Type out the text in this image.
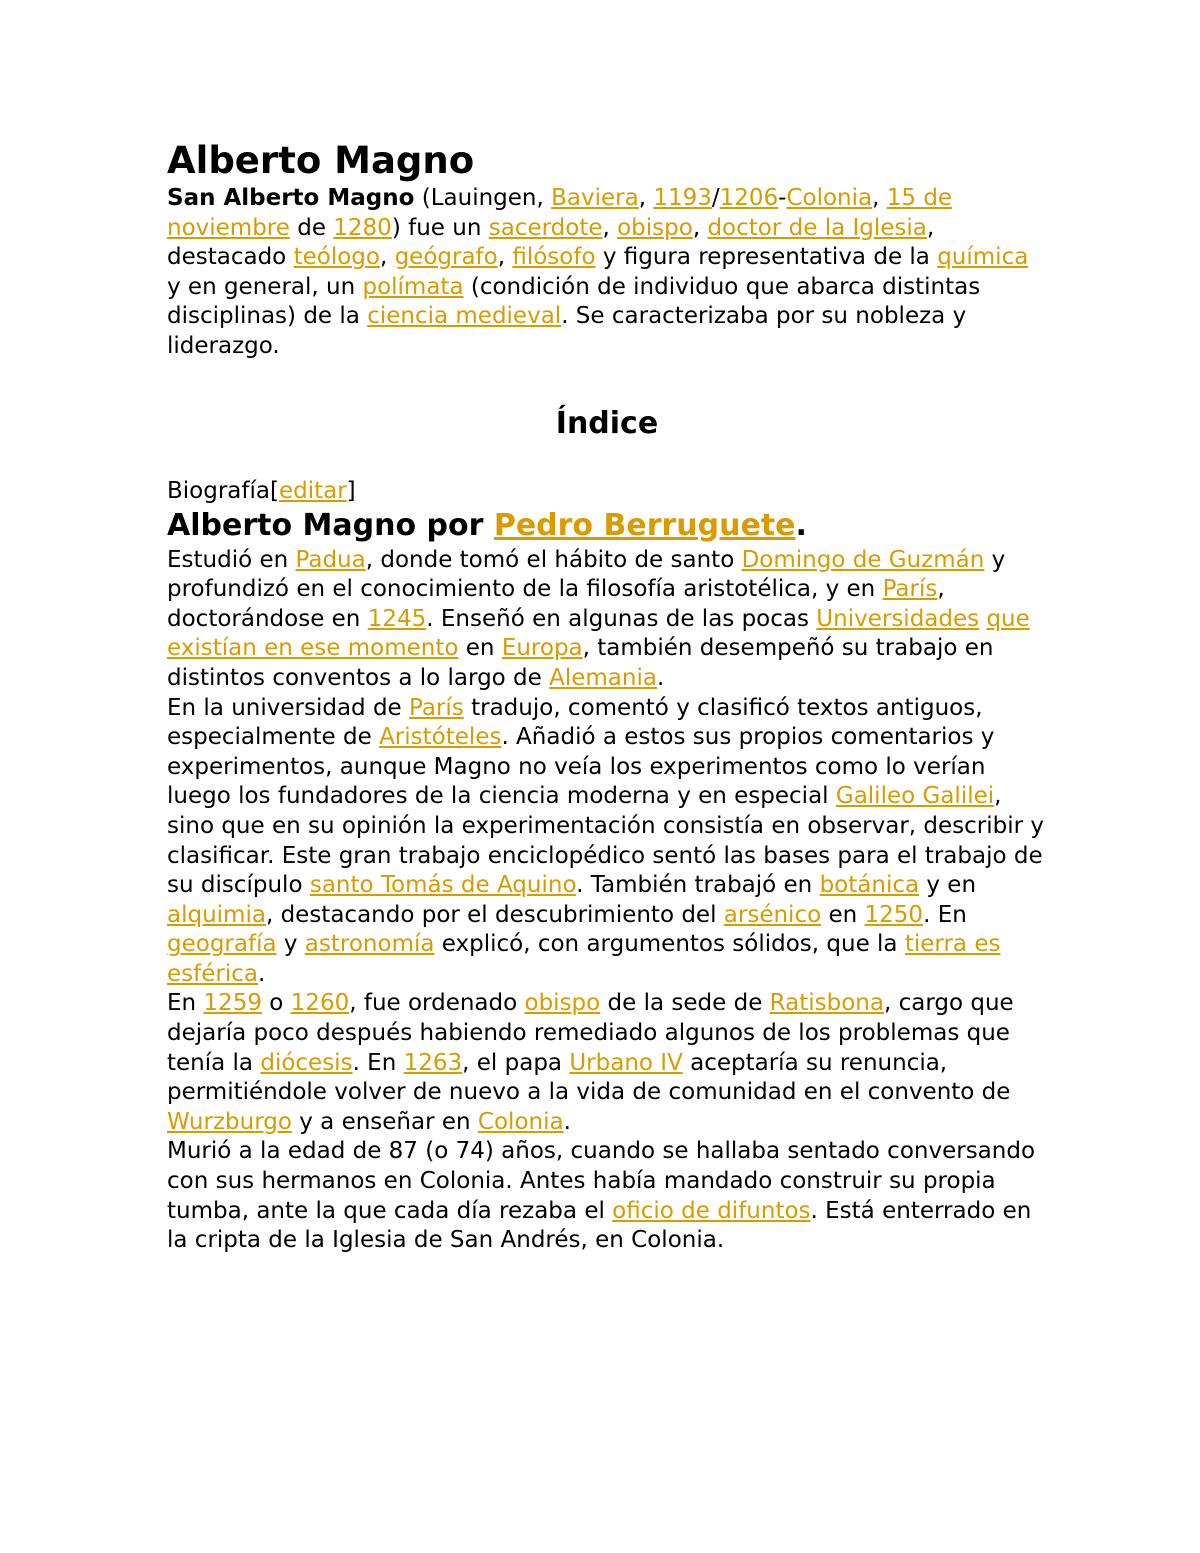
Alberto Magno

San Alberto Magno (Lauingen, Baviera, 1193/1206-Colonia, 15 de noviembre de 1280) fue un sacerdote, obispo, doctor de la Iglesia, destacado teólogo, geógrafo, filósofo y figura representativa de la química y en general, un polímata (condición de individuo que abarca distintas disciplinas) de la ciencia medieval. Se caracterizaba por su nobleza y liderazgo.

Índice
Biografía[editar]
Alberto Magno por Pedro Berruguete.

Estudió en Padua, donde tomó el hábito de santo Domingo de Guzmán y profundizó en el conocimiento de la filosofía aristotélica, y en París, doctorándose en 1245. Enseñó en algunas de las pocas Universidades que existían en ese momento en Europa, también desempeñó su trabajo en distintos conventos a lo largo de Alemania.

En la universidad de París tradujo, comentó y clasificó textos antiguos, especialmente de Aristóteles. Añadió a estos sus propios comentarios y experimentos, aunque Magno no veía los experimentos como lo verían luego los fundadores de la ciencia moderna y en especial Galileo Galilei, sino que en su opinión la experimentación consistía en observar, describir y clasificar. Este gran trabajo enciclopédico sentó las bases para el trabajo de su discípulo santo Tomás de Aquino. También trabajó en botánica y en alquimia, destacando por el descubrimiento del arsénico en 1250. En geografía y astronomía explicó, con argumentos sólidos, que la tierra es esférica.

En 1259 o 1260, fue ordenado obispo de la sede de Ratisbona, cargo que dejaría poco después habiendo remediado algunos de los problemas que tenía la diócesis. En 1263, el papa Urbano IV aceptaría su renuncia, permitiéndole volver de nuevo a la vida de comunidad en el convento de Wurzburgo y a enseñar en Colonia.

Murió a la edad de 87 (o 74) años, cuando se hallaba sentado conversando con sus hermanos en Colonia. Antes había mandado construir su propia tumba, ante la que cada día rezaba el oficio de difuntos. Está enterrado en la cripta de la Iglesia de San Andrés, en Colonia.
